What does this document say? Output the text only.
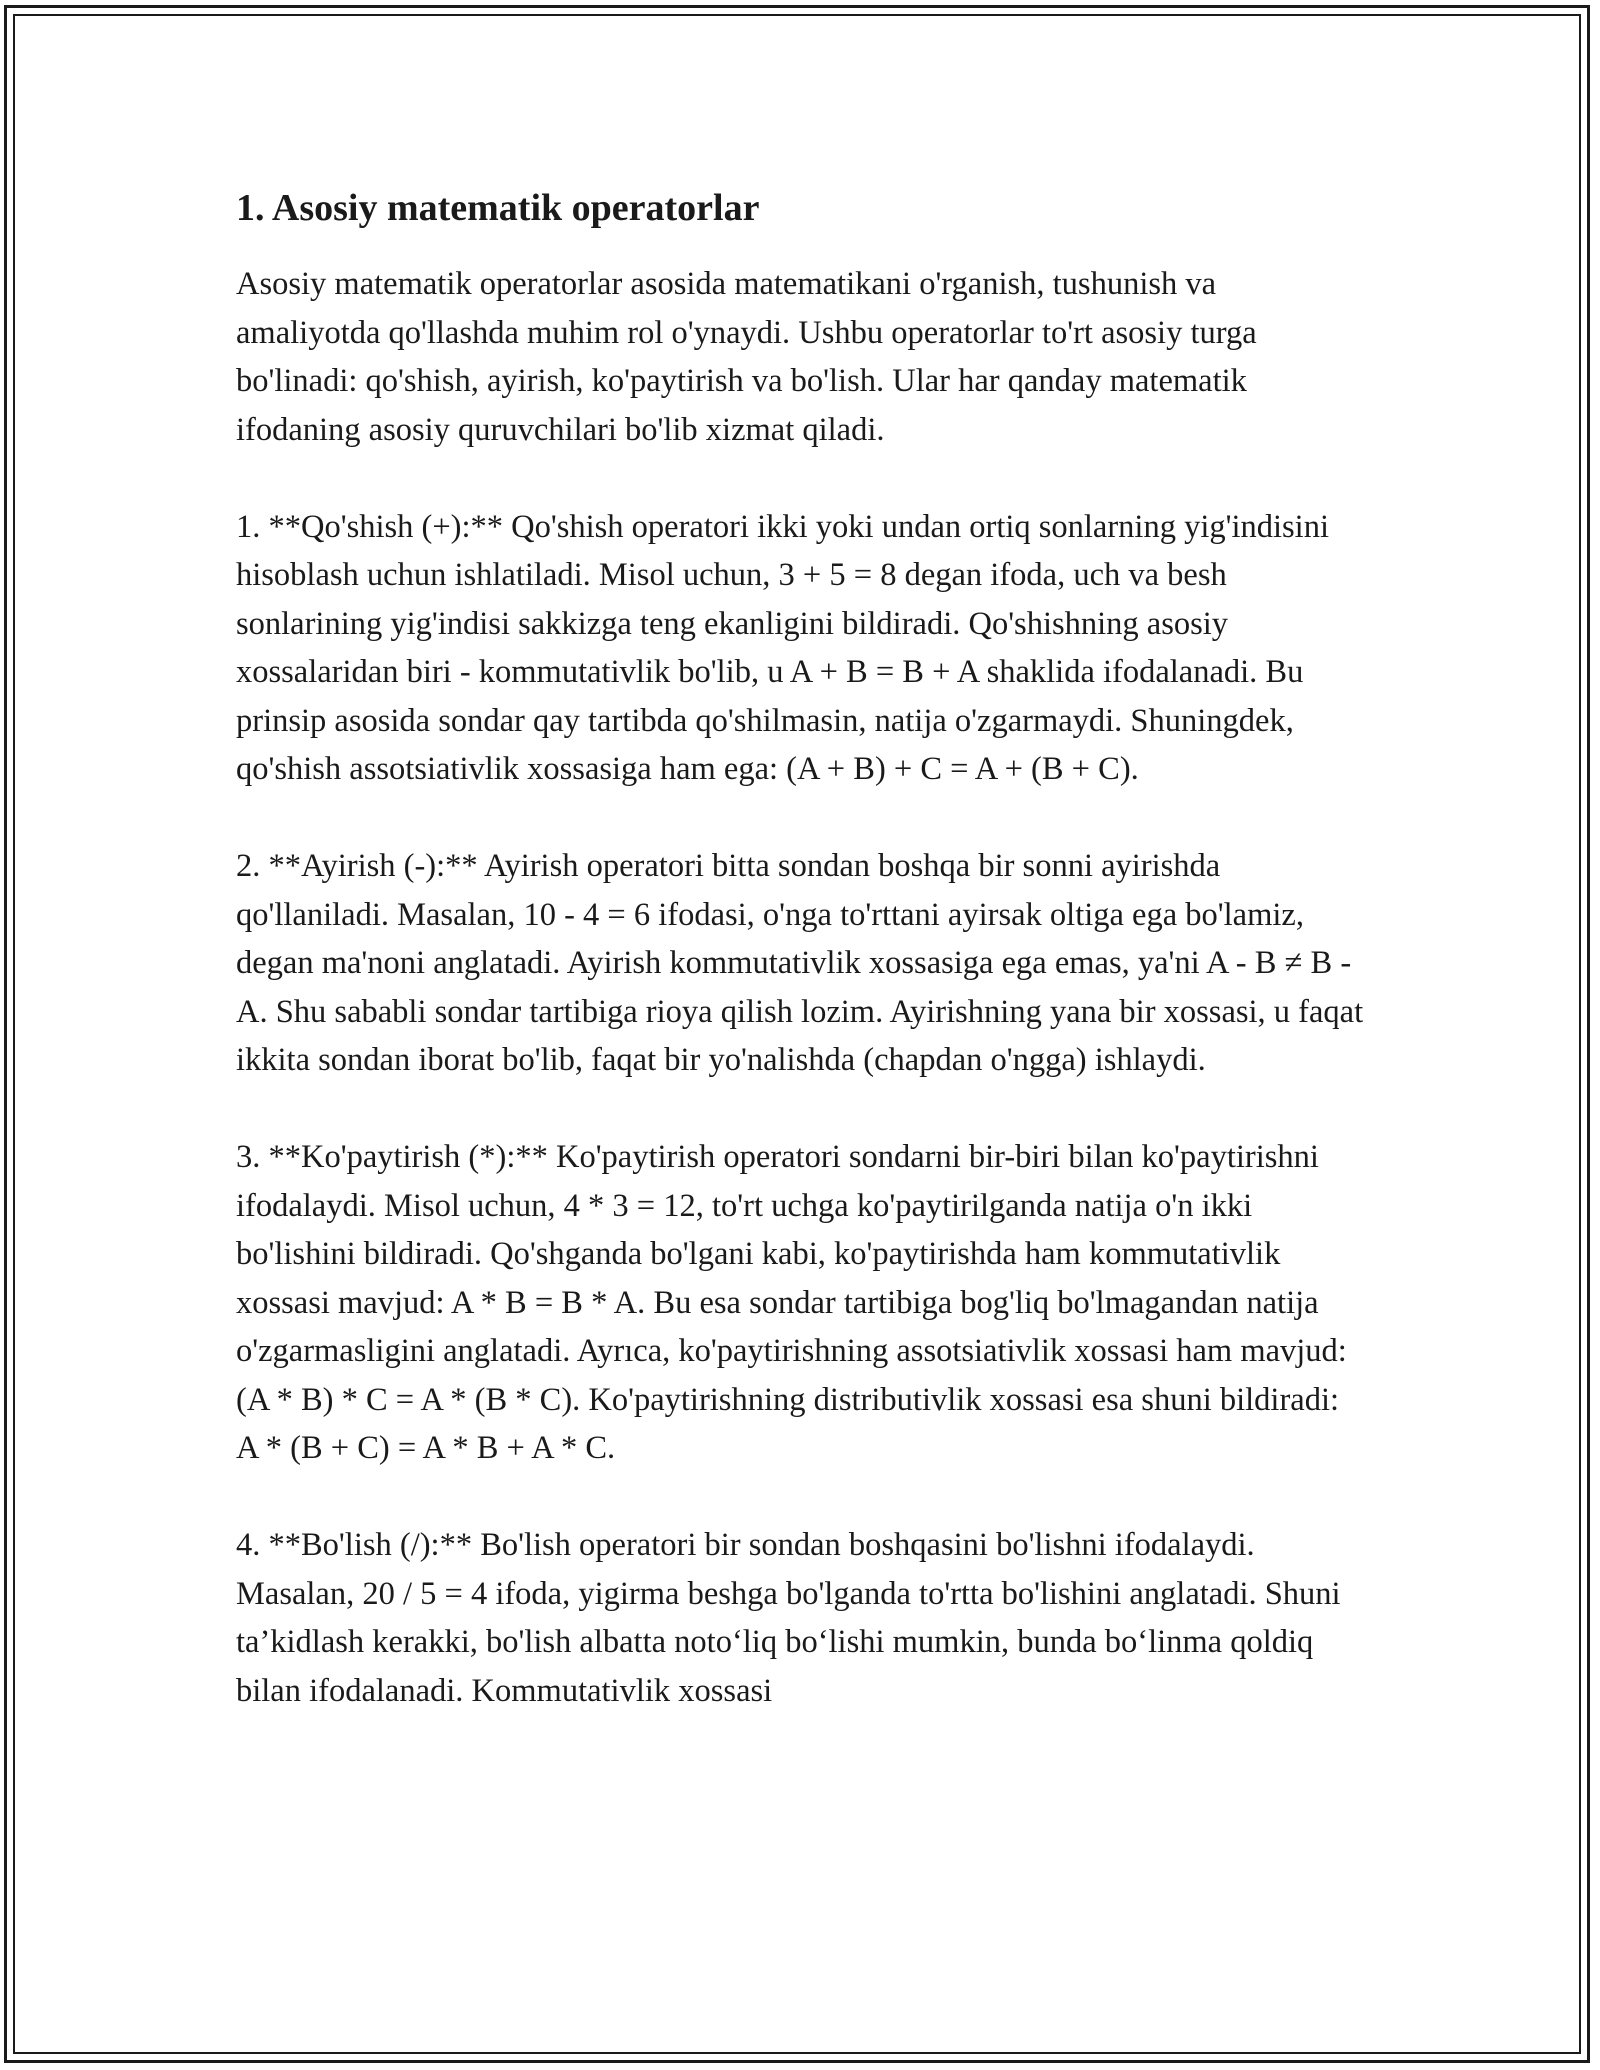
1. Asosiy matematik operatorlar

Asosiy matematik operatorlar asosida matematikani o'rganish, tushunish va amaliyotda qo'llashda muhim rol o'ynaydi. Ushbu operatorlar to'rt asosiy turga bo'linadi: qo'shish, ayirish, ko'paytirish va bo'lish. Ular har qanday matematik ifodaning asosiy quruvchilari bo'lib xizmat qiladi.

1. **Qo'shish (+):** Qo'shish operatori ikki yoki undan ortiq sonlarning yig'indisini hisoblash uchun ishlatiladi. Misol uchun, 3 + 5 = 8 degan ifoda, uch va besh sonlarining yig'indisi sakkizga teng ekanligini bildiradi. Qo'shishning asosiy xossalaridan biri - kommutativlik bo'lib, u A + B = B + A shaklida ifodalanadi. Bu prinsip asosida sondar qay tartibda qo'shilmasin, natija o'zgarmaydi. Shuningdek, qo'shish assotsiativlik xossasiga ham ega: (A + B) + C = A + (B + C).

2. **Ayirish (-):** Ayirish operatori bitta sondan boshqa bir sonni ayirishda qo'llaniladi. Masalan, 10 - 4 = 6 ifodasi, o'nga to'rttani ayirsak oltiga ega bo'lamiz, degan ma'noni anglatadi. Ayirish kommutativlik xossasiga ega emas, ya'ni A - B ≠ B - A. Shu sababli sondar tartibiga rioya qilish lozim. Ayirishning yana bir xossasi, u faqat ikkita sondan iborat bo'lib, faqat bir yo'nalishda (chapdan o'ngga) ishlaydi.

3. **Ko'paytirish (*):** Ko'paytirish operatori sondarni bir-biri bilan ko'paytirishni ifodalaydi. Misol uchun, 4 * 3 = 12, to'rt uchga ko'paytirilganda natija o'n ikki bo'lishini bildiradi. Qo'shganda bo'lgani kabi, ko'paytirishda ham kommutativlik xossasi mavjud: A * B = B * A. Bu esa sondar tartibiga bog'liq bo'lmagandan natija o'zgarmasligini anglatadi. Ayrıca, ko'paytirishning assotsiativlik xossasi ham mavjud: (A * B) * C = A * (B * C). Ko'paytirishning distributivlik xossasi esa shuni bildiradi: A * (B + C) = A * B + A * C.

4. **Bo'lish (/):** Bo'lish operatori bir sondan boshqasini bo'lishni ifodalaydi. Masalan, 20 / 5 = 4 ifoda, yigirma beshga bo'lganda to'rtta bo'lishini anglatadi. Shuni ta’kidlash kerakki, bo'lish albatta noto‘liq bo‘lishi mumkin, bunda bo‘linma qoldiq bilan ifodalanadi. Kommutativlik xossasi
